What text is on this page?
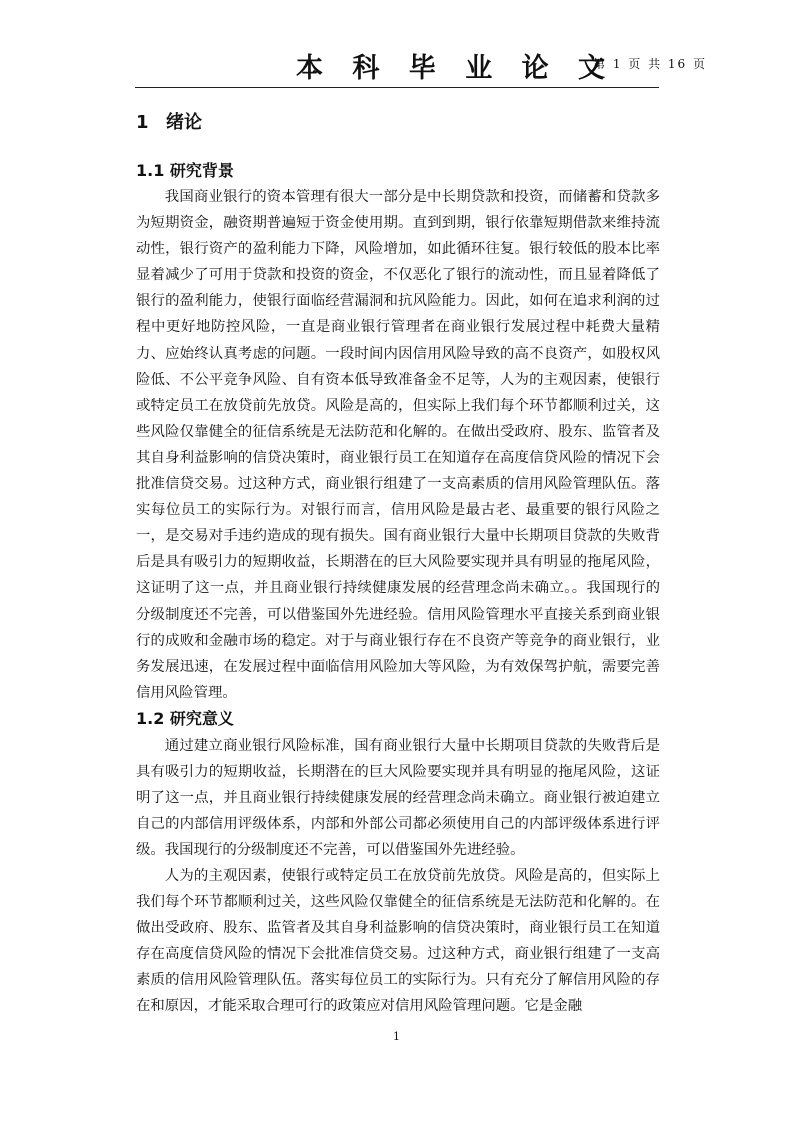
本 科 毕 业 论 文
第 1 页 共 16 页
1 绪论
1.1 研究背景

我国商业银行的资本管理有很大一部分是中长期贷款和投资，而储蓄和贷款多为短期资金，融资期普遍短于资金使用期。直到到期，银行依靠短期借款来维持流动性，银行资产的盈利能力下降，风险增加，如此循环往复。银行较低的股本比率显着减少了可用于贷款和投资的资金，不仅恶化了银行的流动性，而且显着降低了银行的盈利能力，使银行面临经营漏洞和抗风险能力。因此，如何在追求利润的过程中更好地防控风险，一直是商业银行管理者在商业银行发展过程中耗费大量精力、应始终认真考虑的问题。一段时间内因信用风险导致的高不良资产，如股权风险低、不公平竞争风险、自有资本低导致准备金不足等，人为的主观因素，使银行或特定员工在放贷前先放贷。风险是高的，但实际上我们每个环节都顺利过关，这些风险仅靠健全的征信系统是无法防范和化解的。在做出受政府、股东、监管者及其自身利益影响的信贷决策时，商业银行员工在知道存在高度信贷风险的情况下会批准信贷交易。过这种方式，商业银行组建了一支高素质的信用风险管理队伍。落实每位员工的实际行为。对银行而言，信用风险是最古老、最重要的银行风险之一，是交易对手违约造成的现有损失。国有商业银行大量中长期项目贷款的失败背后是具有吸引力的短期收益，长期潜在的巨大风险要实现并具有明显的拖尾风险，这证明了这一点，并且商业银行持续健康发展的经营理念尚未确立。。我国现行的分级制度还不完善，可以借鉴国外先进经验。信用风险管理水平直接关系到商业银行的成败和金融市场的稳定。对于与商业银行存在不良资产等竞争的商业银行，业务发展迅速，在发展过程中面临信用风险加大等风险，为有效保驾护航，需要完善信用风险管理。

1.2 研究意义

通过建立商业银行风险标准，国有商业银行大量中长期项目贷款的失败背后是具有吸引力的短期收益，长期潜在的巨大风险要实现并具有明显的拖尾风险，这证明了这一点，并且商业银行持续健康发展的经营理念尚未确立。商业银行被迫建立自己的内部信用评级体系，内部和外部公司都必须使用自己的内部评级体系进行评级。我国现行的分级制度还不完善，可以借鉴国外先进经验。

人为的主观因素，使银行或特定员工在放贷前先放贷。风险是高的，但实际上我们每个环节都顺利过关，这些风险仅靠健全的征信系统是无法防范和化解的。在做出受政府、股东、监管者及其自身利益影响的信贷决策时，商业银行员工在知道存在高度信贷风险的情况下会批准信贷交易。过这种方式，商业银行组建了一支高素质的信用风险管理队伍。落实每位员工的实际行为。只有充分了解信用风险的存在和原因，才能采取合理可行的政策应对信用风险管理问题。它是金融

1
